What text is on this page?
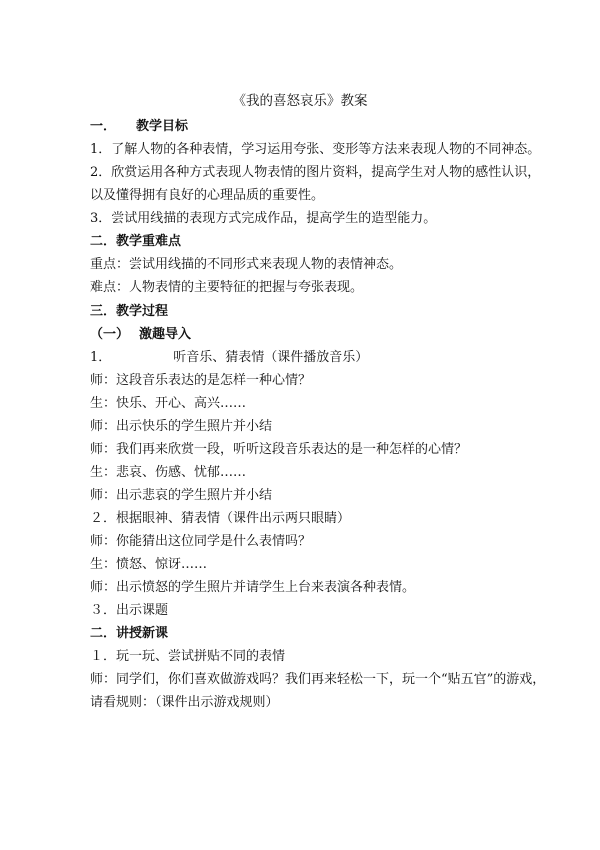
《我的喜怒哀乐》教案
一． 教学目标
1．了解人物的各种表情，学习运用夸张、变形等方法来表现人物的不同神态。
2．欣赏运用各种方式表现人物表情的图片资料，提高学生对人物的感性认识，
以及懂得拥有良好的心理品质的重要性。
3．尝试用线描的表现方式完成作品，提高学生的造型能力。
二．教学重难点
重点：尝试用线描的不同形式来表现人物的表情神态。
难点：人物表情的主要特征的把握与夸张表现。
三．教学过程
（一） 激趣导入
1．	听音乐、猜表情（课件播放音乐）
师：这段音乐表达的是怎样一种心情？
生：快乐、开心、高兴……
师：出示快乐的学生照片并小结
师：我们再来欣赏一段，听听这段音乐表达的是一种怎样的心情？
生：悲哀、伤感、忧郁……
师：出示悲哀的学生照片并小结
２．根据眼神、猜表情（课件出示两只眼睛）
师：你能猜出这位同学是什么表情吗？
生：愤怒、惊讶……
师：出示愤怒的学生照片并请学生上台来表演各种表情。
３．出示课题
二．讲授新课
１．玩一玩、尝试拼贴不同的表情
师：同学们，你们喜欢做游戏吗？我们再来轻松一下，玩一个“贴五官”的游戏，
请看规则：（课件出示游戏规则）
